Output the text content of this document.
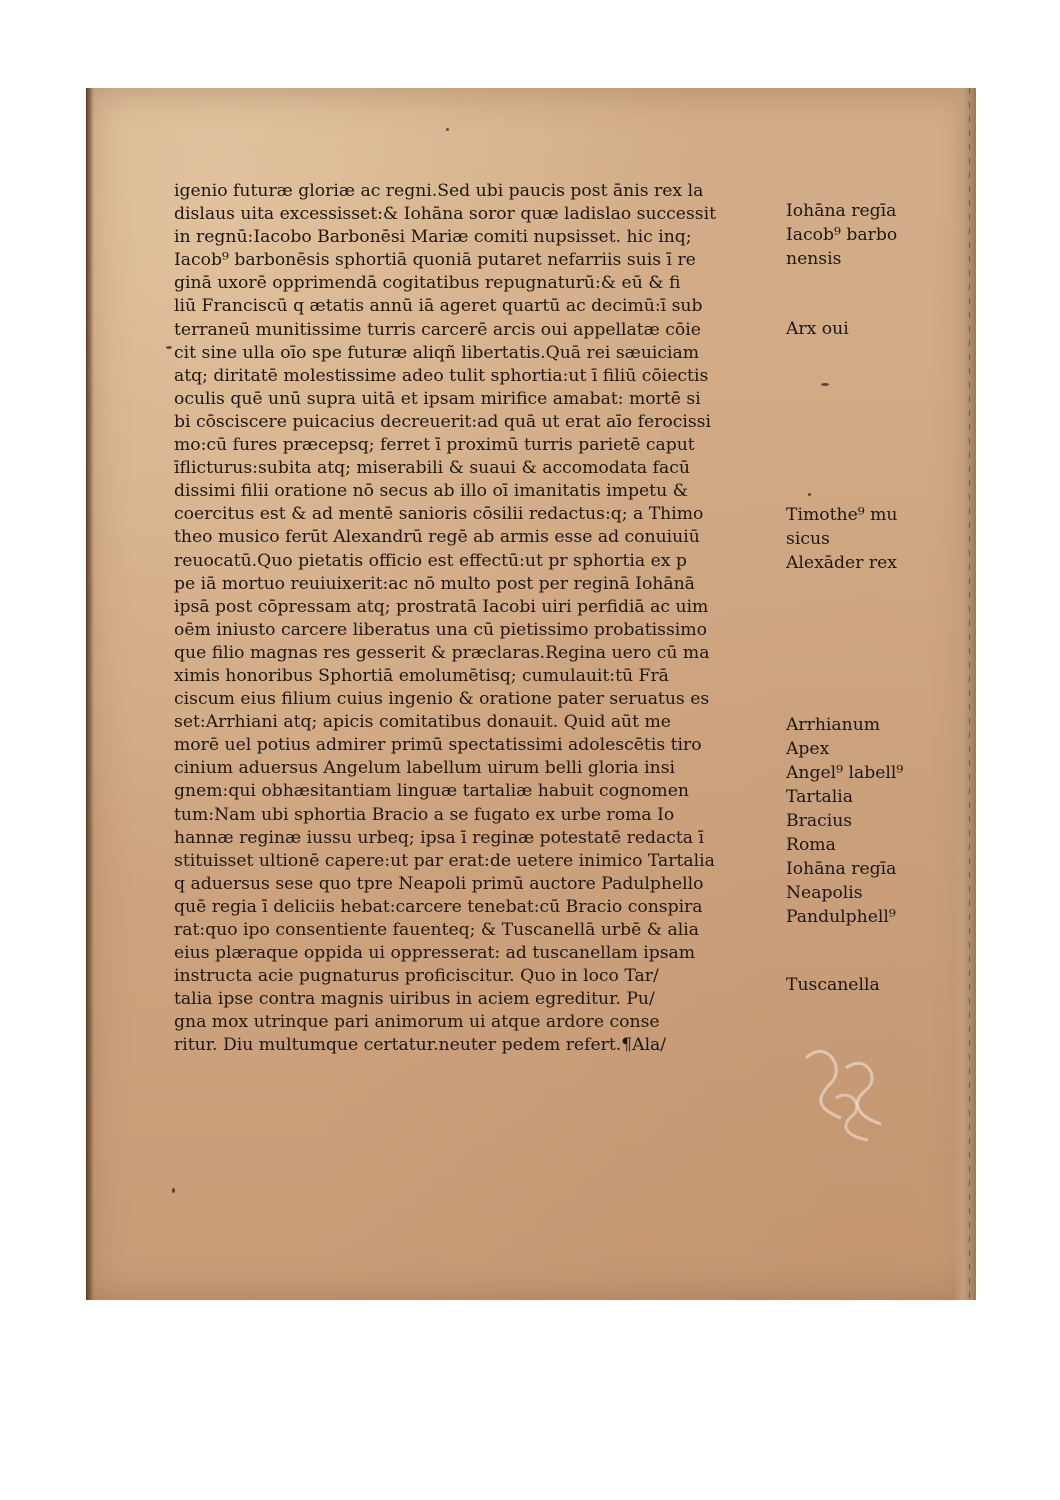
igenio futuræ gloriæ ac regni.Sed ubi paucis post ānis rex la
dislaus uita excessisset:& Iohāna soror quæ ladislao successit
in regnū:Iacobo Barbonēsi Mariæ comiti nupsisset. hic inq;
Iacob⁹ barbonēsis sphortiā quoniā putaret nefarriis suis ī re
ginā uxorē opprimendā cogitatibus repugnaturū:& eū & fi
liū Franciscū q ætatis annū iā ageret quartū ac decimū:ī sub
terraneū munitissime turris carcerē arcis oui appellatæ cōie
cit sine ulla oīo spe futuræ aliqñ libertatis.Quā rei sæuiciam
atq; diritatē molestissime adeo tulit sphortia:ut ī filiū cōiectis
oculis quē unū supra uitā et ipsam mirifice amabat: mortē si
bi cōsciscere puicacius decreuerit:ad quā ut erat aīo ferocissi
mo:cū fures præcepsq; ferret ī proximū turris parietē caput
īflicturus:subita atq; miserabili & suaui & accomodata facū
dissimi filii oratione nō secus ab illo oī imanitatis impetu &
coercitus est & ad mentē sanioris cōsilii redactus:q; a Thimo
theo musico ferūt Alexandrū regē ab armis esse ad conuiuiū
reuocatū.Quo pietatis officio est effectū:ut pr sphortia ex p
pe iā mortuo reuiuixerit:ac nō multo post per reginā Iohānā
ipsā post cōpressam atq; prostratā Iacobi uiri perfidiā ac uim
oēm iniusto carcere liberatus una cū pietissimo probatissimo
que filio magnas res gesserit & præclaras.Regina uero cū ma
ximis honoribus Sphortiā emolumētisq; cumulauit:tū Frā
ciscum eius filium cuius ingenio & oratione pater seruatus es
set:Arrhiani atq; apicis comitatibus donauit. Quid aūt me
morē uel potius admirer primū spectatissimi adolescētis tiro
cinium aduersus Angelum labellum uirum belli gloria insi
gnem:qui obhæsitantiam linguæ tartaliæ habuit cognomen
tum:Nam ubi sphortia Bracio a se fugato ex urbe roma Io
hannæ reginæ iussu urbeq; ipsa ī reginæ potestatē redacta ī
stituisset ultionē capere:ut par erat:de uetere inimico Tartalia
q aduersus sese quo tpre Neapoli primū auctore Padulphello
quē regia ī deliciis hebat:carcere tenebat:cū Bracio conspira
rat:quo ipo consentiente fauenteq; & Tuscanellā urbē & alia
eius plæraque oppida ui oppresserat: ad tuscanellam ipsam
instructa acie pugnaturus proficiscitur. Quo in loco Tar/
talia ipse contra magnis uiribus in aciem egreditur. Pu/
gna mox utrinque pari animorum ui atque ardore conse
ritur. Diu multumque certatur.neuter pedem refert.¶Ala/
Iohāna regīa
Iacob⁹ barbo
nensis
Arx oui
Timothe⁹ mu
sicus
Alexāder rex
Arrhianum
Apex
Angel⁹ labell⁹
Tartalia
Bracius
Roma
Iohāna regīa
Neapolis
Pandulphell⁹
Tuscanella
